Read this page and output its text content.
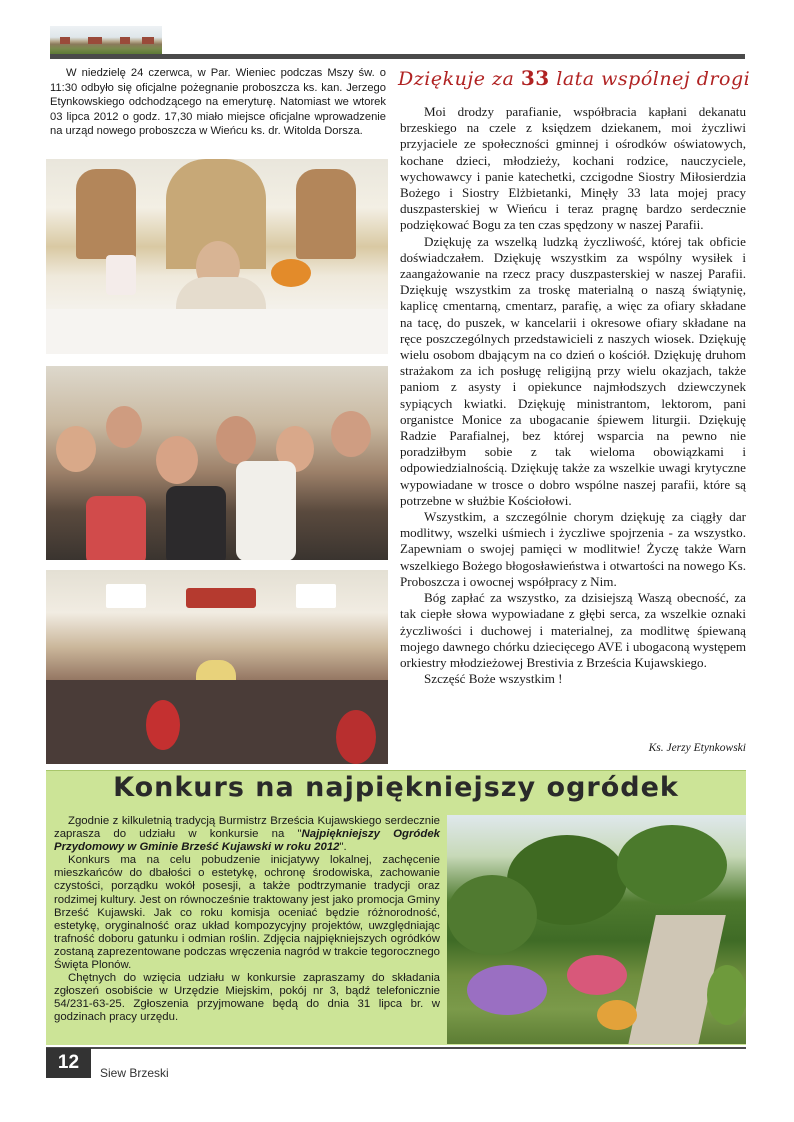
W niedzielę 24 czerwca, w Par. Wieniec podczas Mszy św. o 11:30 odbyło się oficjalne pożegnanie proboszcza ks. kan. Jerzego Etynkowskiego odchodzącego na emeryturę. Natomiast we wtorek 03 lipca 2012 o godz. 17,30 miało miejsce oficjalne wprowadzenie na urząd nowego proboszcza w Wieńcu ks. dr. Witolda Dorsza.

Dziękuje za 33 lata wspólnej drogi

Moi drodzy parafianie, współbracia kapłani dekanatu brzeskiego na czele z księdzem dziekanem, moi życzliwi przyjaciele ze społeczności gminnej i ośrodków oświatowych, kochane dzieci, młodzieży, kochani rodzice, nauczyciele, wychowawcy i panie katechetki, czcigodne Siostry Miłosierdzia Bożego i Siostry Elżbietanki, Minęły 33 lata mojej pracy duszpasterskiej w Wieńcu i teraz pragnę bardzo serdecznie podziękować Bogu za ten czas spędzony w naszej Parafii.

Dziękuję za wszelką ludzką życzliwość, której tak obficie doświadczałem. Dziękuję wszystkim za wspólny wysiłek i zaangażowanie na rzecz pracy duszpasterskiej w naszej Parafii. Dziękuję wszystkim za troskę materialną o naszą świątynię, kaplicę cmentarną, cmentarz, parafię, a więc za ofiary składane na tacę, do puszek, w kancelarii i okresowe ofiary składane na ręce poszczególnych przedstawicieli z naszych wiosek. Dziękuję wielu osobom dbającym na co dzień o kościół. Dziękuję druhom strażakom za ich posługę religijną przy wielu okazjach, także paniom z asysty i opiekunce najmłodszych dziewczynek sypiących kwiatki. Dziękuję ministrantom, lektorom, pani organistce Monice za ubogacanie śpiewem liturgii. Dziękuję Radzie Parafialnej, bez której wsparcia na pewno nie poradziłbym sobie z tak wieloma obowiązkami i odpowiedzialnością. Dziękuję także za wszelkie uwagi krytyczne wypowiadane w trosce o dobro wspólne naszej parafii, które są potrzebne w służbie Kościołowi.

Wszystkim, a szczególnie chorym dziękuję za ciągły dar modlitwy, wszelki uśmiech i życzliwe spojrzenia - za wszystko. Zapewniam o swojej pamięci w modlitwie! Życzę także Warn wszelkiego Bożego błogosławieństwa i otwartości na nowego Ks. Proboszcza i owocnej współpracy z Nim.

Bóg zapłać za wszystko, za dzisiejszą Waszą obecność, za tak ciepłe słowa wypowiadane z głębi serca, za wszelkie oznaki życzliwości i duchowej i materialnej, za modlitwę śpiewaną mojego dawnego chórku dziecięcego AVE i ubogaconą występem orkiestry młodzieżowej Brestivia z Brześcia Kujawskiego.

Szczęść Boże wszystkim !

Ks. Jerzy Etynkowski
Konkurs na najpiękniejszy ogródek

Zgodnie z kilkuletnią tradycją Burmistrz Brześcia Kujawskiego serdecznie zaprasza do udziału w konkursie na "Najpiękniejszy Ogródek Przydomowy w Gminie Brześć Kujawski w roku 2012".

Konkurs ma na celu pobudzenie inicjatywy lokalnej, zachęcenie mieszkańców do dbałości o estetykę, ochronę środowiska, zachowanie czystości, porządku wokół posesji, a także podtrzymanie tradycji oraz rodzimej kultury. Jest on równocześnie traktowany jest jako promocja Gminy Brześć Kujawski. Jak co roku komisja oceniać będzie różnorodność, estetykę, oryginalność oraz układ kompozycyjny projektów, uwzględniając trafność doboru gatunku i odmian roślin. Zdjęcia najpiękniejszych ogródków zostaną zaprezentowane podczas wręczenia nagród w trakcie tegorocznego Święta Plonów.

Chętnych do wzięcia udziału w konkursie zapraszamy do składania zgłoszeń osobiście w Urzędzie Miejskim, pokój nr 3, bądź telefonicznie 54/231-63-25. Zgłoszenia przyjmowane będą do dnia 31 lipca br. w godzinach pracy urzędu.

12	Siew Brzeski
